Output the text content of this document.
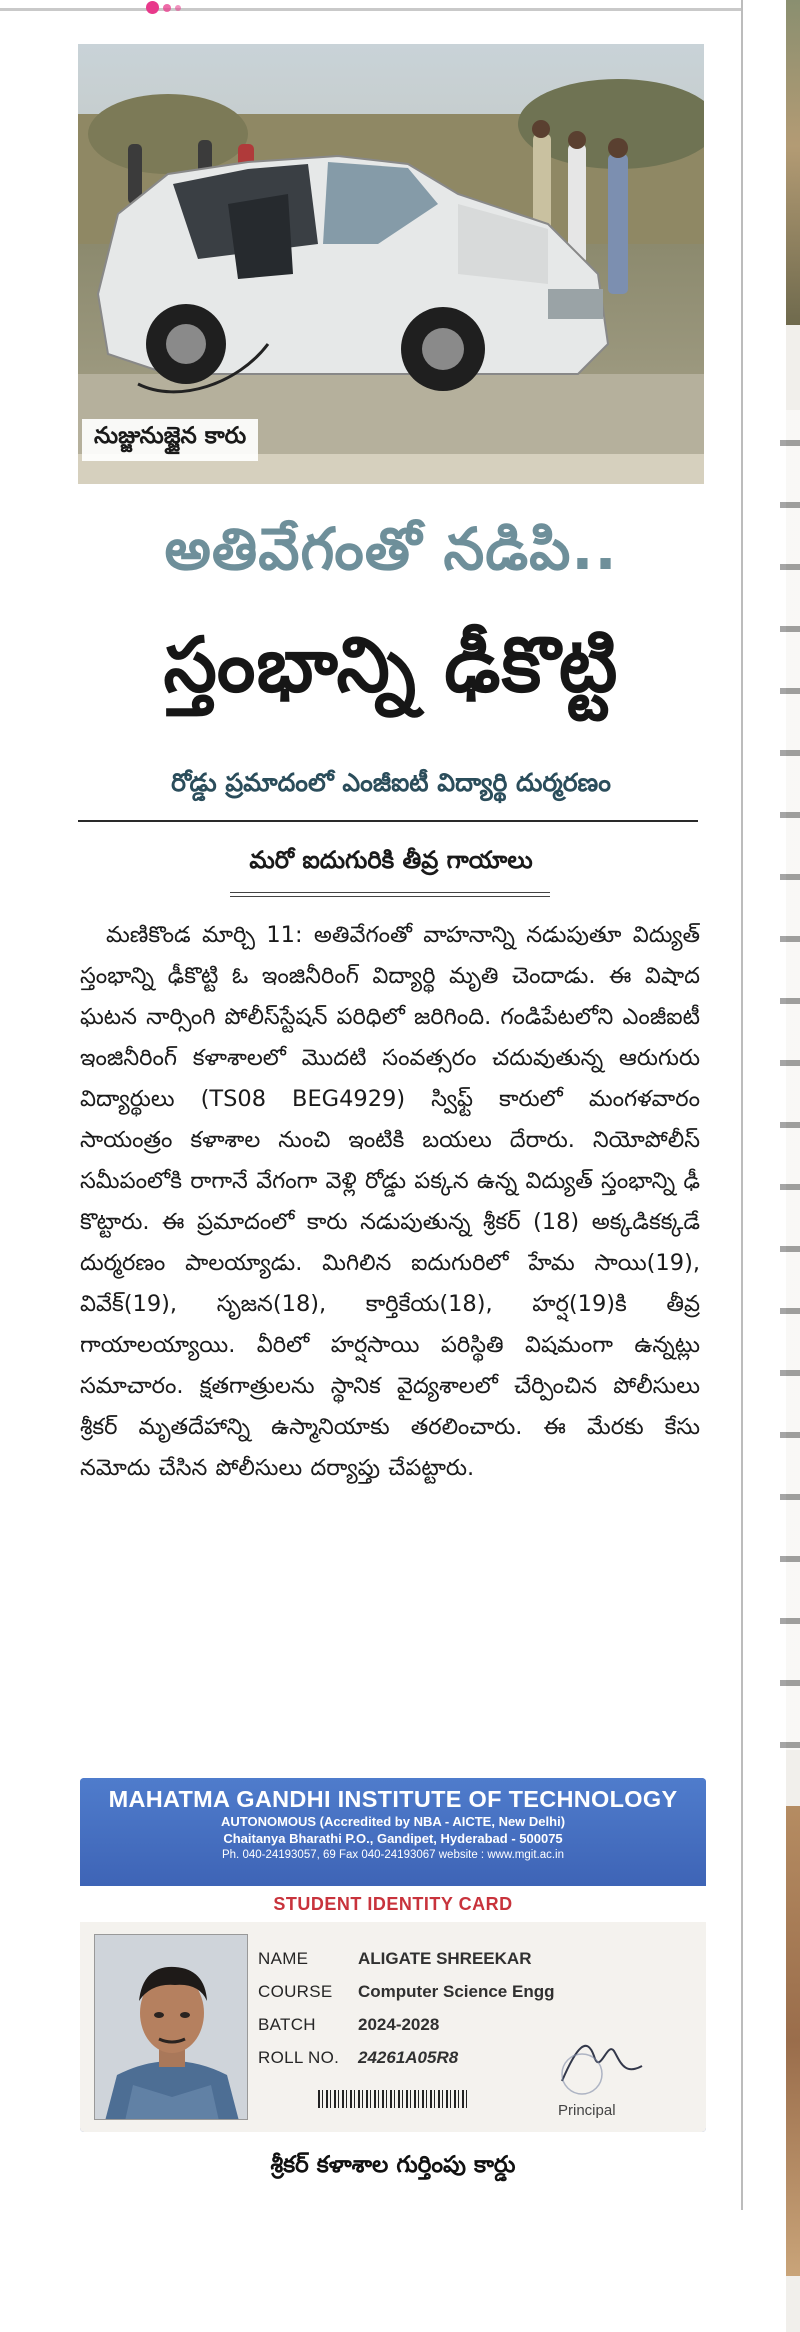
నుజ్జునుజ్జైన కారు
అతివేగంతో నడిపి..
స్తంభాన్ని ఢీకొట్టి
రోడ్డు ప్రమాదంలో ఎంజీఐటీ విద్యార్థి దుర్మరణం
మరో ఐదుగురికి తీవ్ర గాయాలు

మణికొండ మార్చి 11: అతివేగంతో వాహనాన్ని నడుపుతూ విద్యుత్ స్తంభాన్ని ఢీకొట్టి ఓ ఇంజినీరింగ్ విద్యార్థి మృతి చెందాడు. ఈ విషాద ఘటన నార్సింగి పోలీస్‌స్టేషన్ పరిధిలో జరిగింది. గండిపేటలోని ఎంజీఐటీ ఇంజినీరింగ్ కళాశాలలో మొదటి సంవత్సరం చదువుతున్న ఆరుగురు విద్యార్థులు (TS08 BEG4929) స్విఫ్ట్ కారులో మంగళవారం సాయంత్రం కళాశాల నుంచి ఇంటికి బయలు దేరారు. నియోపోలీస్ సమీపంలోకి రాగానే వేగంగా వెళ్లి రోడ్డు పక్కన ఉన్న విద్యుత్ స్తంభాన్ని ఢీ కొట్టారు. ఈ ప్రమాదంలో కారు నడుపుతున్న శ్రీకర్ (18) అక్కడికక్కడే దుర్మరణం పాలయ్యాడు. మిగిలిన ఐదుగురిలో హేమ సాయి(19), వివేక్(19), సృజన(18), కార్తికేయ(18), హర్ష(19)కి తీవ్ర గాయాలయ్యాయి. వీరిలో హర్షసాయి పరిస్థితి విషమంగా ఉన్నట్లు సమాచారం. క్షతగాత్రులను స్థానిక వైద్యశాలలో చేర్పించిన పోలీసులు శ్రీకర్ మృతదేహాన్ని ఉస్మానియాకు తరలించారు. ఈ మేరకు కేసు నమోదు చేసిన పోలీసులు దర్యాప్తు చేపట్టారు.

MAHATMA GANDHI INSTITUTE OF TECHNOLOGY
AUTONOMOUS (Accredited by NBA - AICTE, New Delhi)
Chaitanya Bharathi P.O., Gandipet, Hyderabad - 500075
Ph. 040-24193057, 69 Fax 040-24193067 website : www.mgit.ac.in
STUDENT IDENTITY CARD
NAME	ALIGATE SHREEKAR
COURSE	Computer Science Engg
BATCH	2024-2028
ROLL NO.	24261A05R8
Principal
శ్రీకర్ కళాశాల గుర్తింపు కార్డు
